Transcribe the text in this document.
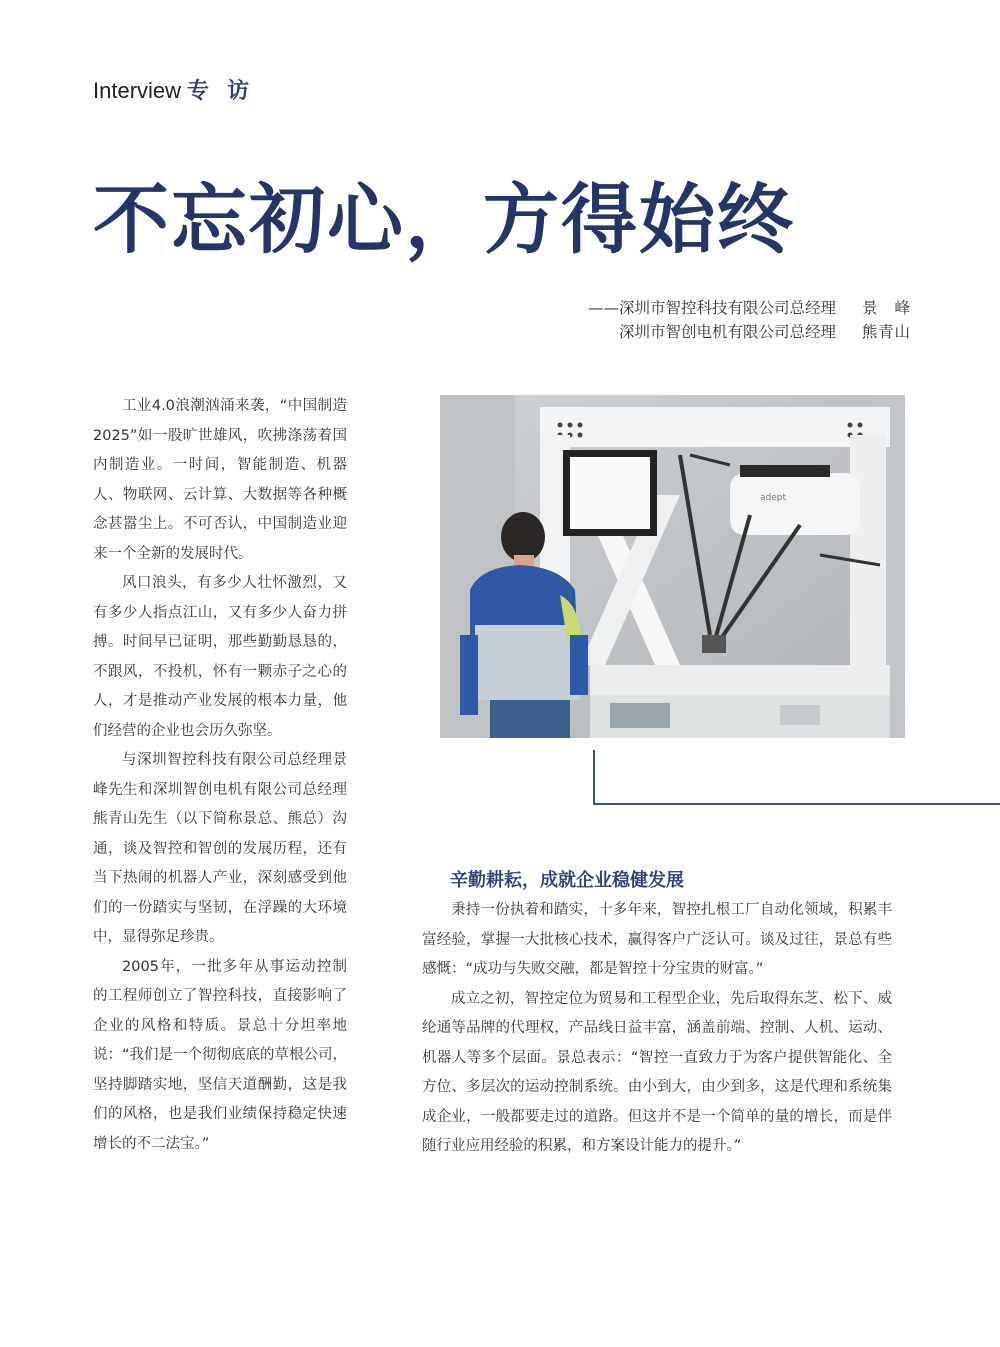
Interview 专 访
不忘初心，方得始终
——深圳市智控科技有限公司总经理 景峰
深圳市智创电机有限公司总经理 熊青山

工业4.0浪潮汹涌来袭，“中国制造2025”如一股旷世雄风，吹拂涤荡着国内制造业。一时间，智能制造、机器人、物联网、云计算、大数据等各种概念甚嚣尘上。不可否认，中国制造业迎来一个全新的发展时代。

风口浪头，有多少人壮怀激烈，又有多少人指点江山，又有多少人奋力拼搏。时间早已证明，那些勤勤恳恳的，不跟风，不投机，怀有一颗赤子之心的人，才是推动产业发展的根本力量，他们经营的企业也会历久弥坚。

与深圳智控科技有限公司总经理景峰先生和深圳智创电机有限公司总经理熊青山先生（以下简称景总、熊总）沟通，谈及智控和智创的发展历程，还有当下热闹的机器人产业，深刻感受到他们的一份踏实与坚韧，在浮躁的大环境中，显得弥足珍贵。

2005年，一批多年从事运动控制的工程师创立了智控科技，直接影响了企业的风格和特质。景总十分坦率地说：“我们是一个彻彻底底的草根公司，坚持脚踏实地，坚信天道酬勤，这是我们的风格，也是我们业绩保持稳定快速增长的不二法宝。”

adept
辛勤耕耘，成就企业稳健发展

秉持一份执着和踏实，十多年来，智控扎根工厂自动化领域，积累丰富经验，掌握一大批核心技术，赢得客户广泛认可。谈及过往，景总有些感慨：“成功与失败交融，都是智控十分宝贵的财富。”

成立之初，智控定位为贸易和工程型企业，先后取得东芝、松下、威纶通等品牌的代理权，产品线日益丰富，涵盖前端、控制、人机、运动、机器人等多个层面。景总表示：“智控一直致力于为客户提供智能化、全方位、多层次的运动控制系统。由小到大，由少到多，这是代理和系统集成企业，一般都要走过的道路。但这并不是一个简单的量的增长，而是伴随行业应用经验的积累，和方案设计能力的提升。”
